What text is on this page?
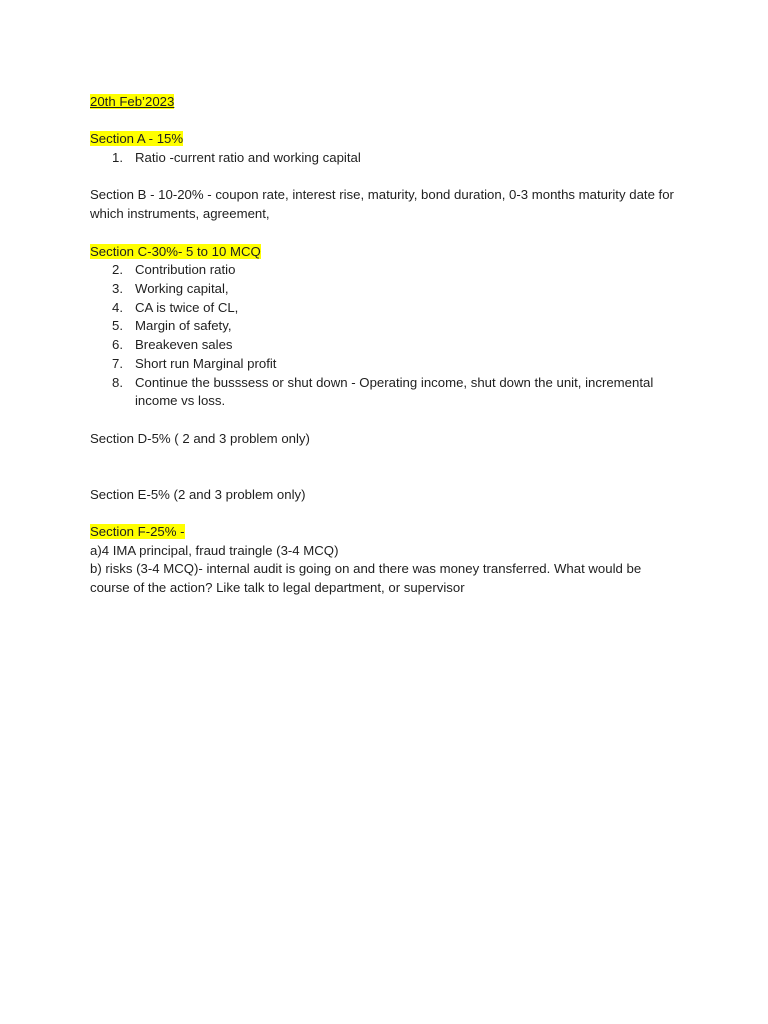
20th Feb’2023
Section A - 15%
1. Ratio -current ratio and working capital
Section B - 10-20% - coupon rate, interest rise, maturity, bond duration, 0-3 months maturity date for which instruments, agreement,
Section C-30%- 5 to 10 MCQ
2. Contribution ratio
3. Working capital,
4. CA is twice of CL,
5. Margin of safety,
6. Breakeven sales
7. Short run Marginal profit
8. Continue the busssess or shut down - Operating income, shut down the unit, incremental income vs loss.
Section D-5% ( 2 and 3 problem only)
Section E-5% (2 and 3 problem only)
Section F-25% -
a)4 IMA principal, fraud traingle (3-4 MCQ)
b) risks (3-4 MCQ)- internal audit is going on and there was money transferred. What would be course of the action? Like talk to legal department, or supervisor
